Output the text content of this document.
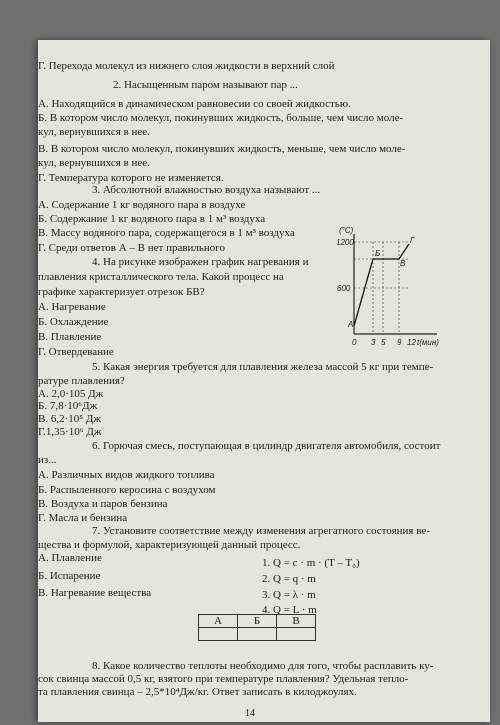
Г. Перехода молекул из нижнего слоя жидкости в верхний слой
2. Насыщенным паром называют пар ...
А. Находящийся в динамическом равновесии со своей жидкостью.
Б. В котором число молекул, покинувших жидкость, больше, чем число моле-
кул, вернувшихся в нее.
В. В котором число молекул, покинувших жидкость, меньше, чем число моле-
кул, вернувшихся в нее.
Г. Температура которого не изменяется.
3. Абсолютной влажностью воздуха называют ...
А. Содержание 1 кг водяного пара в воздухе
Б. Содержание 1 кг водяного пара в 1 м³ воздуха
В. Массу водяного пара, содержащегося в 1 м³ воздуха
Г. Среди ответов А – В нет правильного
4. На рисунке изображен график нагревания и
плавления кристаллического тела. Какой процесс на
графике характеризует отрезок БВ?
А. Нагревание
Б. Охлаждение
В. Плавление
Г. Отвердевание
5. Какая энергия требуется для плавления железа массой 5 кг при темпе-
ратуре плавления?
А. 2,0·105 Дж
Б. 7,8·10⁶Дж
В. 6,2·10⁵ Дж
Г.1,35·10⁶ Дж
6. Горючая смесь, поступающая в цилиндр двигателя автомобиля, состоит
из...
А. Различных видов жидкого топлива
Б. Распыленного керосина с воздухом
В. Воздуха и паров бензина
Г. Масла и бензина
7. Установите соответствие между изменения агрегатного состояния ве-
щества и формулой, характеризующей данный процесс.
А. Плавление
Б. Испарение
В. Нагревание вещества
1. Q = c · m · (T – T₀)
2. Q = q · m
3. Q = λ · m
4. Q = L · m
8. Какое количество теплоты необходимо для того, чтобы расплавить ку-
сок свинца массой 0,5 кг, взятого при температуре плавления? Удельная тепло-
та плавления свинца – 2,5*10⁴Дж/кг. Ответ записать в килоджоулях.
(°C)
1200
600
А
Б
В
Г
0 3 5 9 12 t(мин)
А	Б	В

14
